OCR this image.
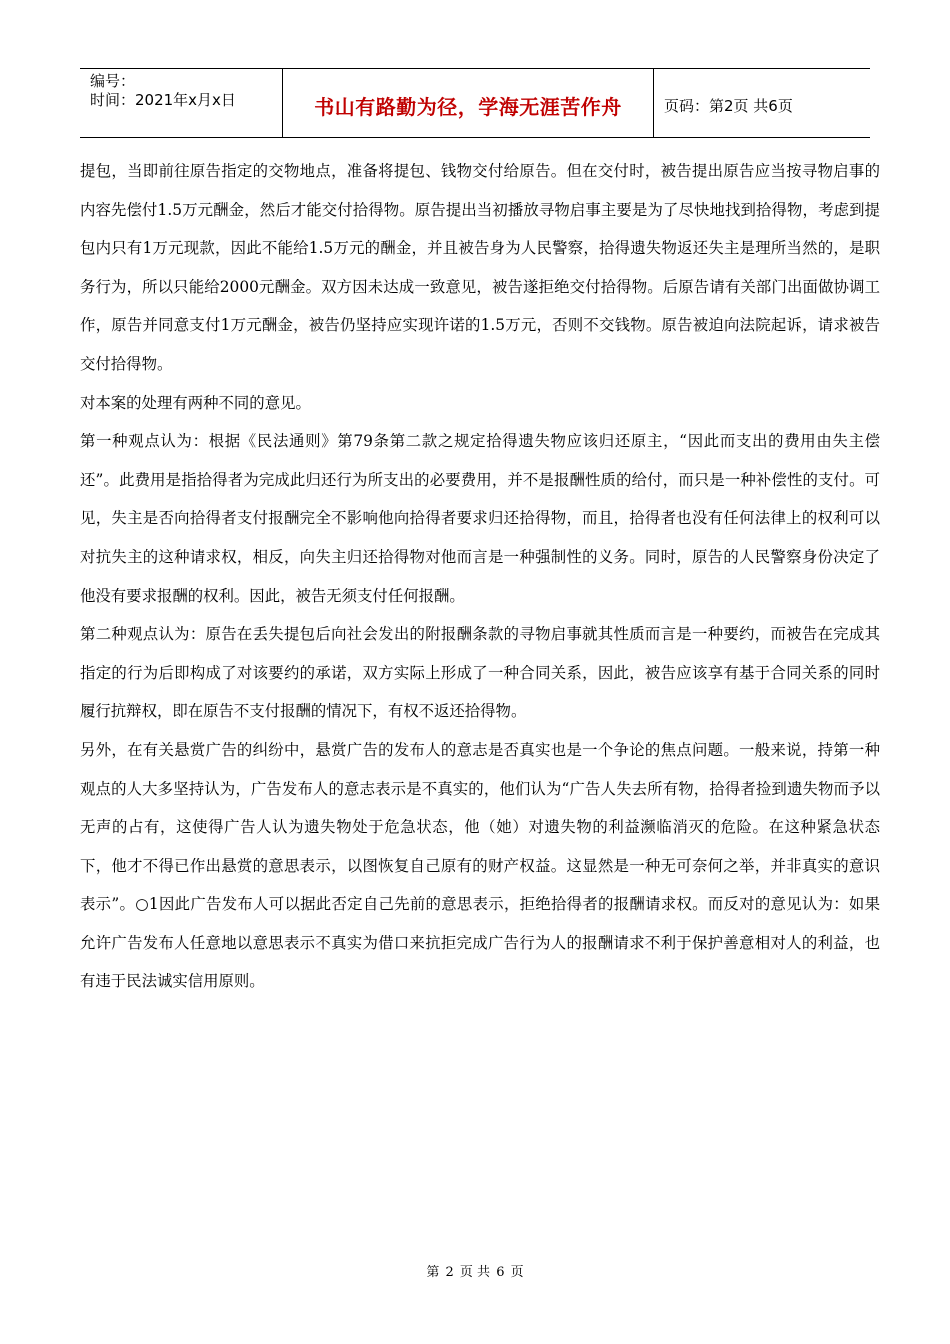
编号：
时间：2021年x月x日	书山有路勤为径，学海无涯苦作舟	页码：第2页 共6页

提包，当即前往原告指定的交物地点，准备将提包、钱物交付给原告。但在交付时，被告提出原告应当按寻物启事的内容先偿付1.5万元酬金，然后才能交付拾得物。原告提出当初播放寻物启事主要是为了尽快地找到拾得物，考虑到提包内只有1万元现款，因此不能给1.5万元的酬金，并且被告身为人民警察，拾得遗失物返还失主是理所当然的，是职务行为，所以只能给2000元酬金。双方因未达成一致意见，被告遂拒绝交付拾得物。后原告请有关部门出面做协调工作，原告并同意支付1万元酬金，被告仍坚持应实现许诺的1.5万元，否则不交钱物。原告被迫向法院起诉，请求被告交付拾得物。

对本案的处理有两种不同的意见。

第一种观点认为：根据《民法通则》第79条第二款之规定拾得遗失物应该归还原主，“因此而支出的费用由失主偿还”。此费用是指拾得者为完成此归还行为所支出的必要费用，并不是报酬性质的给付，而只是一种补偿性的支付。可见，失主是否向拾得者支付报酬完全不影响他向拾得者要求归还拾得物，而且，拾得者也没有任何法律上的权利可以对抗失主的这种请求权，相反，向失主归还拾得物对他而言是一种强制性的义务。同时，原告的人民警察身份决定了他没有要求报酬的权利。因此，被告无须支付任何报酬。

第二种观点认为：原告在丢失提包后向社会发出的附报酬条款的寻物启事就其性质而言是一种要约，而被告在完成其指定的行为后即构成了对该要约的承诺，双方实际上形成了一种合同关系，因此，被告应该享有基于合同关系的同时履行抗辩权，即在原告不支付报酬的情况下，有权不返还拾得物。

另外，在有关悬赏广告的纠纷中，悬赏广告的发布人的意志是否真实也是一个争论的焦点问题。一般来说，持第一种观点的人大多坚持认为，广告发布人的意志表示是不真实的，他们认为“广告人失去所有物，拾得者捡到遗失物而予以无声的占有，这使得广告人认为遗失物处于危急状态，他（她）对遗失物的利益濒临消灭的危险。在这种紧急状态下，他才不得已作出悬赏的意思表示，以图恢复自己原有的财产权益。这显然是一种无可奈何之举，并非真实的意识表示”。○1因此广告发布人可以据此否定自己先前的意思表示，拒绝拾得者的报酬请求权。而反对的意见认为：如果允许广告发布人任意地以意思表示不真实为借口来抗拒完成广告行为人的报酬请求不利于保护善意相对人的利益，也有违于民法诚实信用原则。

第 2 页 共 6 页
